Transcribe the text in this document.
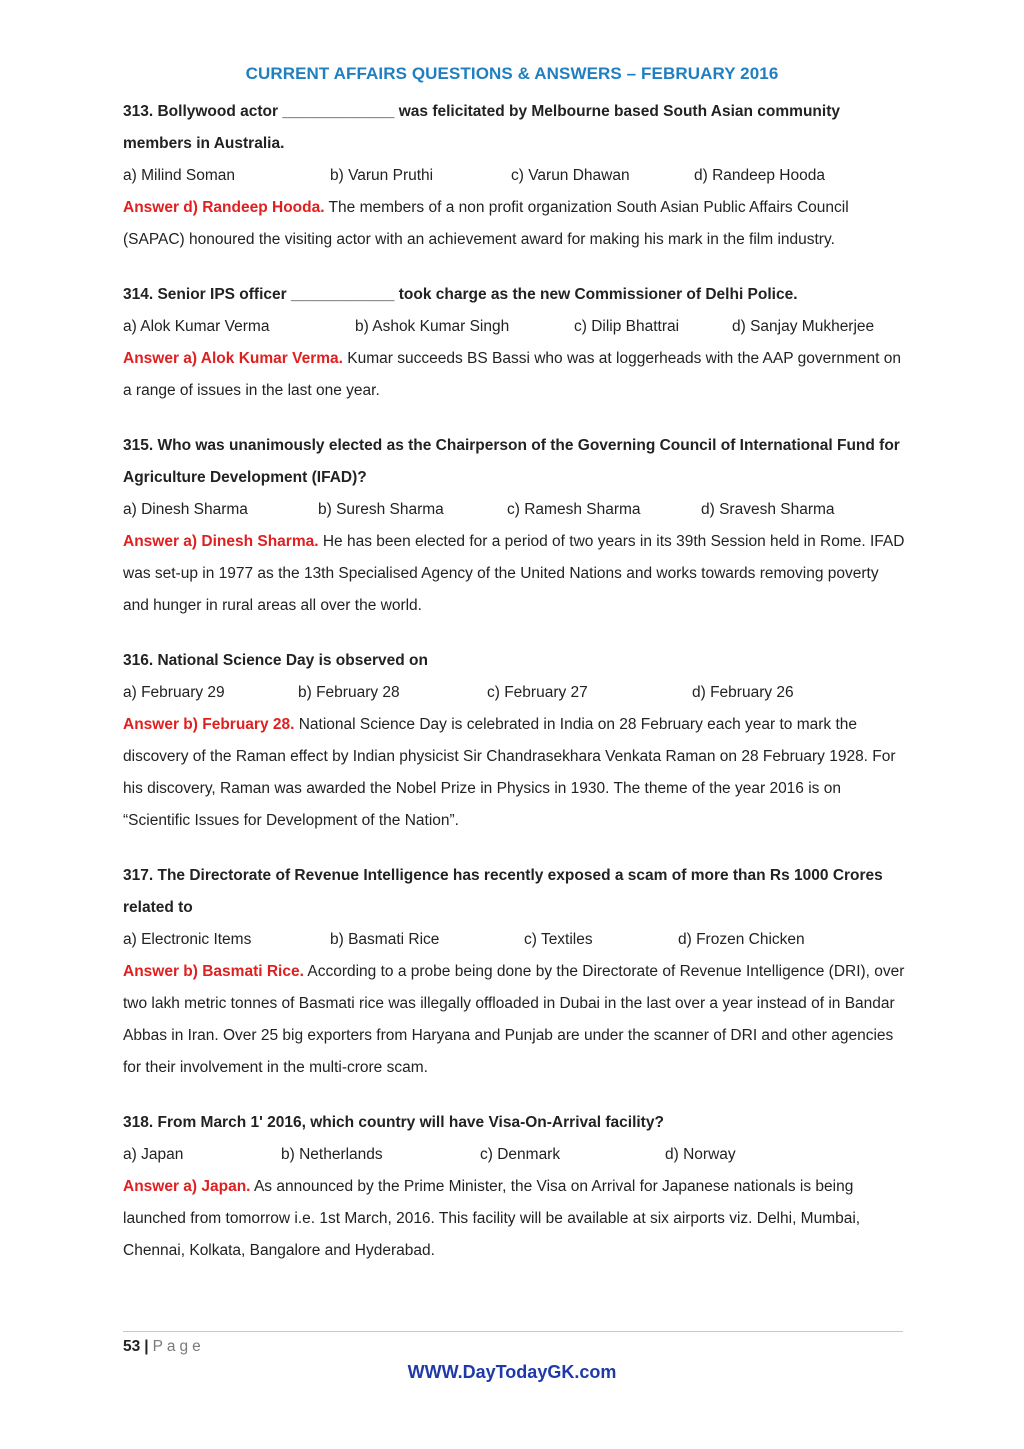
CURRENT AFFAIRS QUESTIONS & ANSWERS – FEBRUARY 2016
313. Bollywood actor _____________ was felicitated by Melbourne based South Asian community members in Australia.
a) Milind Soman	b) Varun Pruthi	c) Varun Dhawan	d) Randeep Hooda
Answer d) Randeep Hooda. The members of a non profit organization South Asian Public Affairs Council (SAPAC) honoured the visiting actor with an achievement award for making his mark in the film industry.
314. Senior IPS officer ____________ took charge as the new Commissioner of Delhi Police.
a) Alok Kumar Verma	b) Ashok Kumar Singh	c) Dilip Bhattrai	d) Sanjay Mukherjee
Answer a) Alok Kumar Verma. Kumar succeeds BS Bassi who was at loggerheads with the AAP government on a range of issues in the last one year.
315. Who was unanimously elected as the Chairperson of the Governing Council of International Fund for Agriculture Development (IFAD)?
a) Dinesh Sharma	b) Suresh Sharma	c) Ramesh Sharma	d) Sravesh Sharma
Answer a) Dinesh Sharma. He has been elected for a period of two years in its 39th Session held in Rome. IFAD was set-up in 1977 as the 13th Specialised Agency of the United Nations and works towards removing poverty and hunger in rural areas all over the world.
316. National Science Day is observed on
a) February 29	b) February 28	c) February 27	d) February 26
Answer b) February 28. National Science Day is celebrated in India on 28 February each year to mark the discovery of the Raman effect by Indian physicist Sir Chandrasekhara Venkata Raman on 28 February 1928. For his discovery, Raman was awarded the Nobel Prize in Physics in 1930. The theme of the year 2016 is on “Scientific Issues for Development of the Nation”.
317. The Directorate of Revenue Intelligence has recently exposed a scam of more than Rs 1000 Crores related to
a) Electronic Items	b) Basmati Rice	c) Textiles	d) Frozen Chicken
Answer b) Basmati Rice. According to a probe being done by the Directorate of Revenue Intelligence (DRI), over two lakh metric tonnes of Basmati rice was illegally offloaded in Dubai in the last over a year instead of in Bandar Abbas in Iran. Over 25 big exporters from Haryana and Punjab are under the scanner of DRI and other agencies for their involvement in the multi-crore scam.
318. From March 1' 2016, which country will have Visa-On-Arrival facility?
a) Japan	b) Netherlands	c) Denmark	d) Norway
Answer a) Japan. As announced by the Prime Minister, the Visa on Arrival for Japanese nationals is being launched from tomorrow i.e. 1st March, 2016. This facility will be available at six airports viz. Delhi, Mumbai, Chennai, Kolkata, Bangalore and Hyderabad.
53 | Page
WWW.DayTodayGK.com
